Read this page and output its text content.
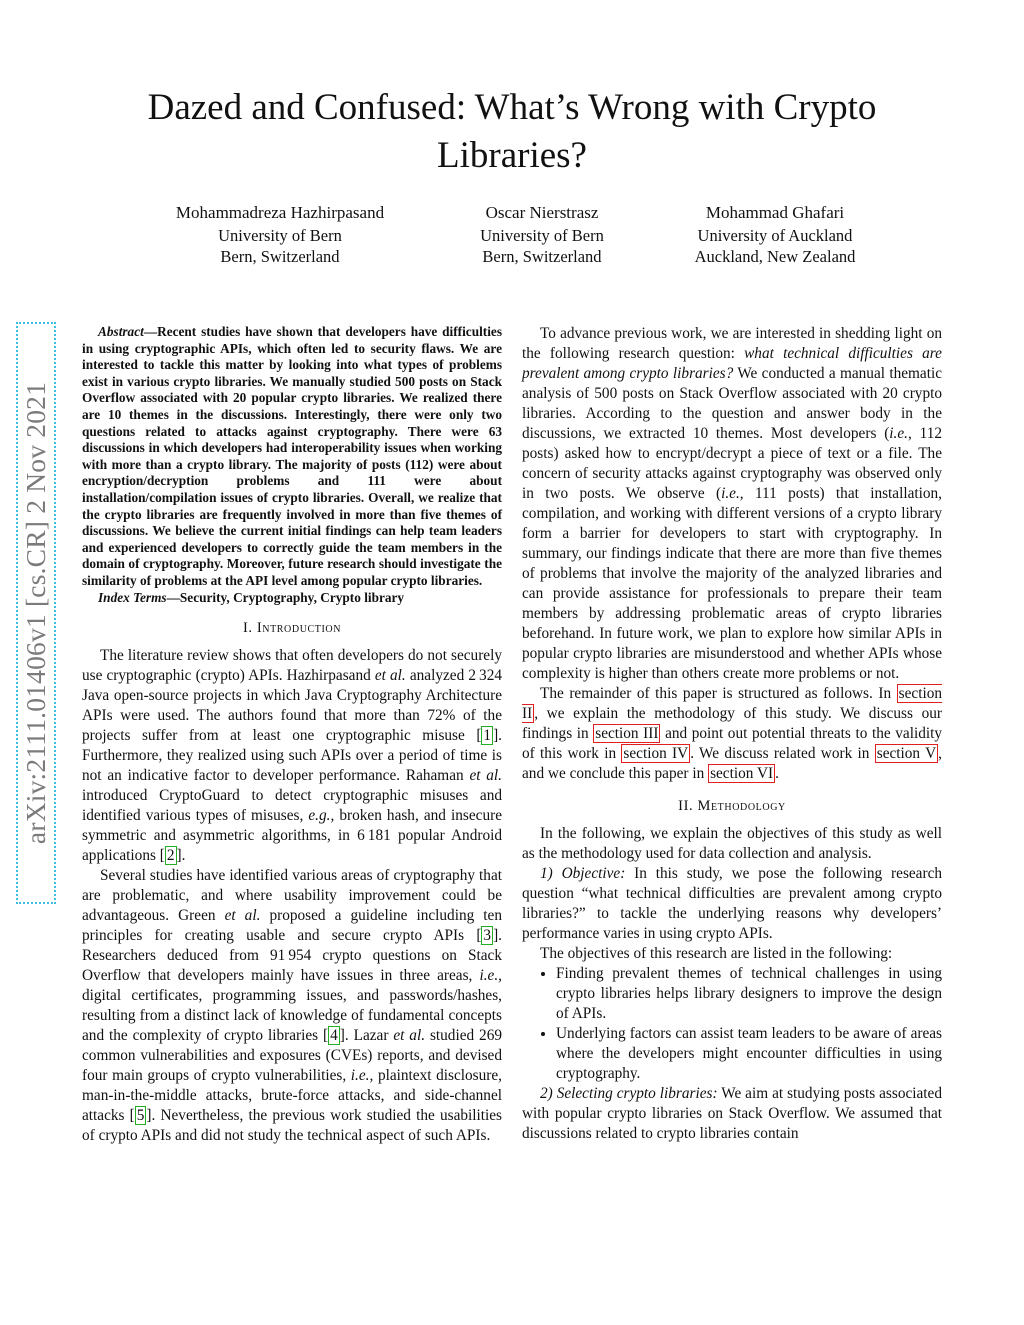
arXiv:2111.01406v1 [cs.CR] 2 Nov 2021
Dazed and Confused: What’s Wrong with Crypto Libraries?
Mohammadreza Hazhirpasand
University of Bern
Bern, Switzerland
Oscar Nierstrasz
University of Bern
Bern, Switzerland
Mohammad Ghafari
University of Auckland
Auckland, New Zealand

Abstract—Recent studies have shown that developers have difficulties in using cryptographic APIs, which often led to security flaws. We are interested to tackle this matter by looking into what types of problems exist in various crypto libraries. We manually studied 500 posts on Stack Overflow associated with 20 popular crypto libraries. We realized there are 10 themes in the discussions. Interestingly, there were only two questions related to attacks against cryptography. There were 63 discussions in which developers had interoperability issues when working with more than a crypto library. The majority of posts (112) were about encryption/decryption problems and 111 were about installation/compilation issues of crypto libraries. Overall, we realize that the crypto libraries are frequently involved in more than five themes of discussions. We believe the current initial findings can help team leaders and experienced developers to correctly guide the team members in the domain of cryptography. Moreover, future research should investigate the similarity of problems at the API level among popular crypto libraries.

Index Terms—Security, Cryptography, Crypto library

I. Introduction

The literature review shows that often developers do not securely use cryptographic (crypto) APIs. Hazhirpasand et al. analyzed 2 324 Java open-source projects in which Java Cryptography Architecture APIs were used. The authors found that more than 72% of the projects suffer from at least one cryptographic misuse [ 1 ]. Furthermore, they realized using such APIs over a period of time is not an indicative factor to developer performance. Rahaman et al. introduced CryptoGuard to detect cryptographic misuses and identified various types of misuses, e.g., broken hash, and insecure symmetric and asymmetric algorithms, in 6 181 popular Android applications [ 2 ].

Several studies have identified various areas of cryptography that are problematic, and where usability improvement could be advantageous. Green et al. proposed a guideline including ten principles for creating usable and secure crypto APIs [ 3 ]. Researchers deduced from 91 954 crypto questions on Stack Overflow that developers mainly have issues in three areas, i.e., digital certificates, programming issues, and passwords/hashes, resulting from a distinct lack of knowledge of fundamental concepts and the complexity of crypto libraries [ 4 ]. Lazar et al. studied 269 common vulnerabilities and exposures (CVEs) reports, and devised four main groups of crypto vulnerabilities, i.e., plaintext disclosure, man-in-the-middle attacks, brute-force attacks, and side-channel attacks [ 5 ]. Nevertheless, the previous work studied the usabilities of crypto APIs and did not study the technical aspect of such APIs.

To advance previous work, we are interested in shedding light on the following research question: what technical difficulties are prevalent among crypto libraries? We conducted a manual thematic analysis of 500 posts on Stack Overflow associated with 20 crypto libraries. According to the question and answer body in the discussions, we extracted 10 themes. Most developers (i.e., 112 posts) asked how to encrypt/decrypt a piece of text or a file. The concern of security attacks against cryptography was observed only in two posts. We observe (i.e., 111 posts) that installation, compilation, and working with different versions of a crypto library form a barrier for developers to start with cryptography. In summary, our findings indicate that there are more than five themes of problems that involve the majority of the analyzed libraries and can provide assistance for professionals to prepare their team members by addressing problematic areas of crypto libraries beforehand. In future work, we plan to explore how similar APIs in popular crypto libraries are misunderstood and whether APIs whose complexity is higher than others create more problems or not.

The remainder of this paper is structured as follows. In section II , we explain the methodology of this study. We discuss our findings in section III and point out potential threats to the validity of this work in section IV . We discuss related work in section V , and we conclude this paper in section VI .

II. Methodology

In the following, we explain the objectives of this study as well as the methodology used for data collection and analysis.

1) Objective: In this study, we pose the following research question “what technical difficulties are prevalent among crypto libraries?” to tackle the underlying reasons why developers’ performance varies in using crypto APIs.

The objectives of this research are listed in the following:

• Finding prevalent themes of technical challenges in using crypto libraries helps library designers to improve the design of APIs.
• Underlying factors can assist team leaders to be aware of areas where the developers might encounter difficulties in using cryptography.

2) Selecting crypto libraries: We aim at studying posts associated with popular crypto libraries on Stack Overflow. We assumed that discussions related to crypto libraries contain
